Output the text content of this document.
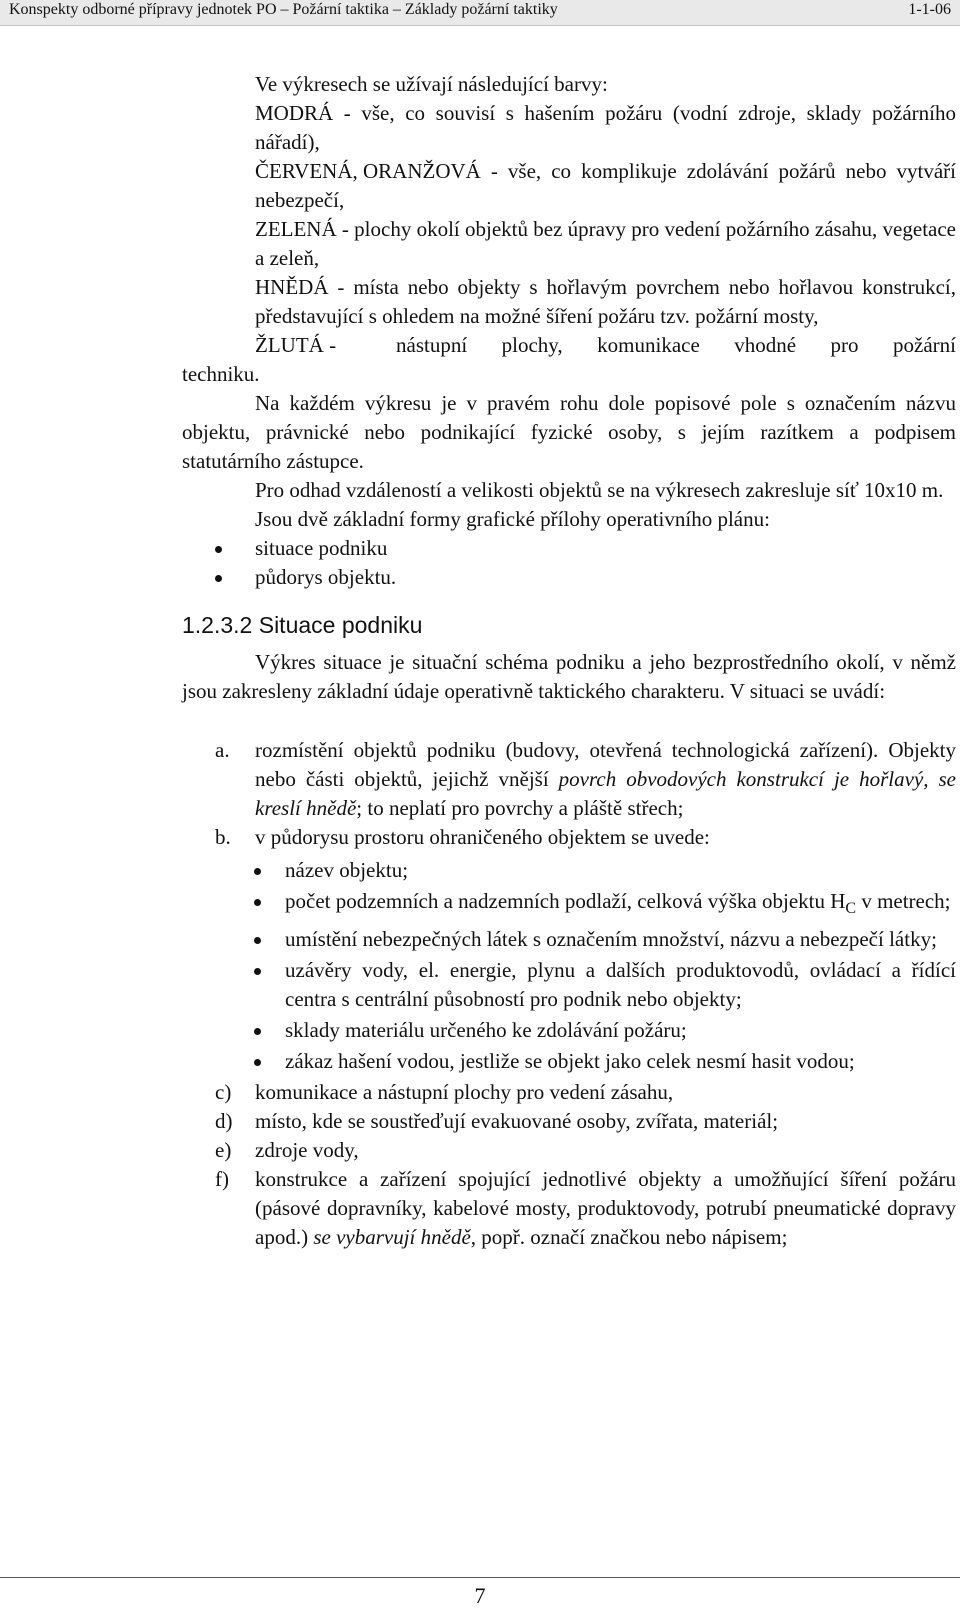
Konspekty odborné přípravy jednotek PO – Požární taktika – Základy požární taktiky	1-1-06

Ve výkresech se užívají následující barvy:

MODRÁ - vše, co souvisí s hašením požáru (vodní zdroje, sklady požárního nářadí),

ČERVENÁ, ORANŽOVÁ - vše, co komplikuje zdolávání požárů nebo vytváří nebezpečí,

ZELENÁ - plochy okolí objektů bez úpravy pro vedení požárního zásahu, vegetace a zeleň,

HNĚDÁ - místa nebo objekty s hořlavým povrchem nebo hořlavou konstrukcí, představující s ohledem na možné šíření požáru tzv. požární mosty,

ŽLUTÁ -	nástupní plochy, komunikace vhodné pro požární

techniku.

Na každém výkresu je v pravém rohu dole popisové pole s označením názvu objektu, právnické nebo podnikající fyzické osoby, s jejím razítkem a podpisem statutárního zástupce.

Pro odhad vzdáleností a velikosti objektů se na výkresech zakresluje síť 10x10 m.

Jsou dvě základní formy grafické přílohy operativního plánu:

situace podniku
půdorys objektu.
1.2.3.2 Situace podniku

Výkres situace je situační schéma podniku a jeho bezprostředního okolí, v němž jsou zakresleny základní údaje operativně taktického charakteru. V situaci se uvádí:

a. rozmístění objektů podniku (budovy, otevřená technologická zařízení). Objekty nebo části objektů, jejichž vnější povrch obvodových konstrukcí je hořlavý, se kreslí hnědě; to neplatí pro povrchy a pláště střech;
b. v půdorysu prostoru ohraničeného objektem se uvede:
název objektu;
počet podzemních a nadzemních podlaží, celková výška objektu $H_C$ v metrech;
umístění nebezpečných látek s označením množství, názvu a nebezpečí látky;
uzávěry vody, el. energie, plynu a dalších produktovodů, ovládací a řídící centra s centrální působností pro podnik nebo objekty;
sklady materiálu určeného ke zdolávání požáru;
zákaz hašení vodou, jestliže se objekt jako celek nesmí hasit vodou;
c) komunikace a nástupní plochy pro vedení zásahu,
d) místo, kde se soustřeďují evakuované osoby, zvířata, materiál;
e) zdroje vody,
f) konstrukce a zařízení spojující jednotlivé objekty a umožňující šíření požáru (pásové dopravníky, kabelové mosty, produktovody, potrubí pneumatické dopravy apod.) se vybarvují hnědě, popř. označí značkou nebo nápisem;
7
